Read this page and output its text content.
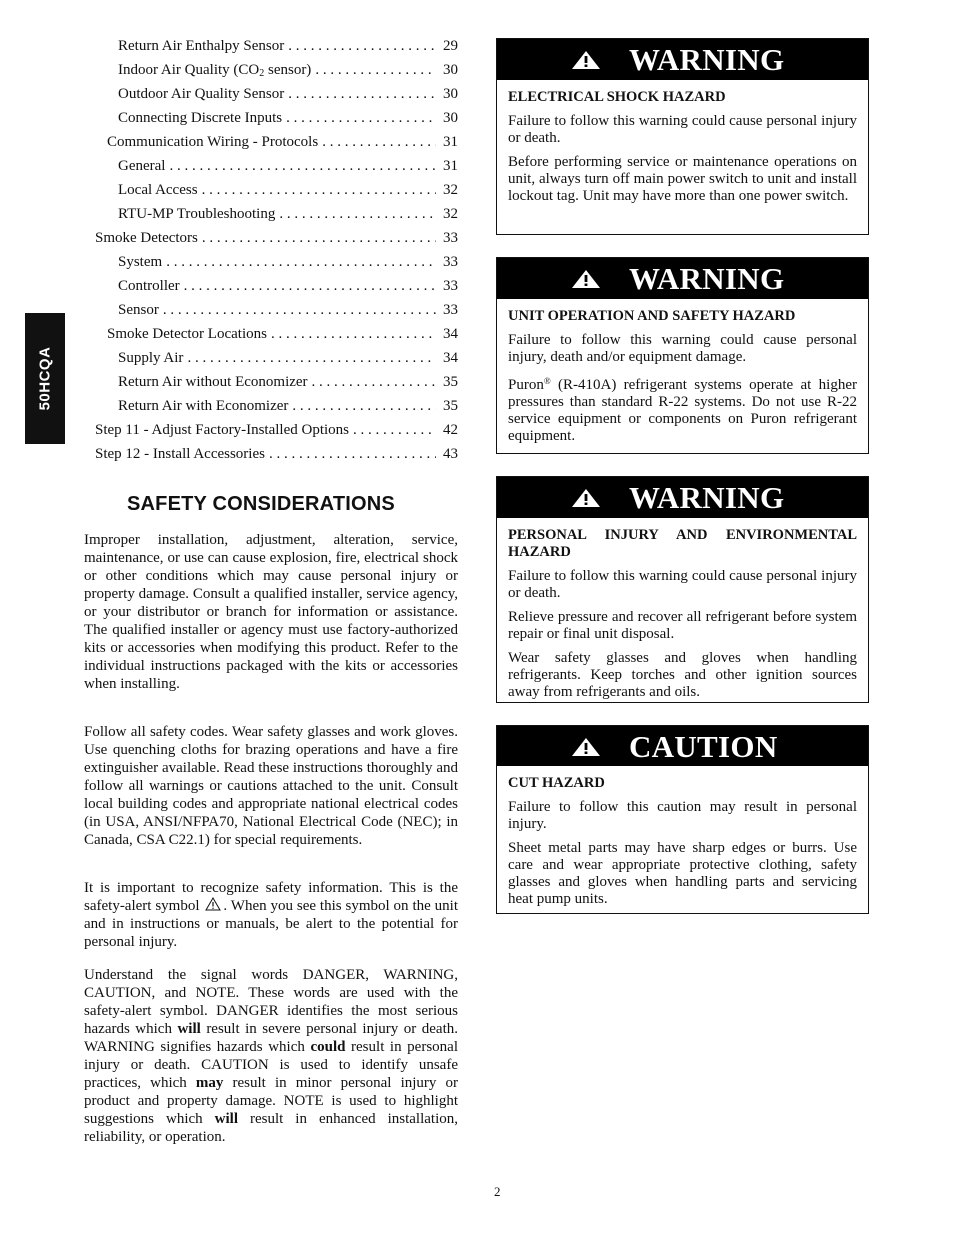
50HCQA
Return Air Enthalpy Sensor . . .	29
Indoor Air Quality ($CO_2$ sensor) . . .	30
Outdoor Air Quality Sensor . . .	30
Connecting Discrete Inputs . . .	30
Communication Wiring - Protocols . . .	31
General . . .	31
Local Access . . .	32
RTU-MP Troubleshooting . . .	32
Smoke Detectors . . .	33
System . . .	33
Controller . . .	33
Sensor . . .	33
Smoke Detector Locations . . .	34
Supply Air . . .	34
Return Air without Economizer . . .	35
Return Air with Economizer . . .	35
Step 11 - Adjust Factory-Installed Options . . .	42
Step 12 - Install Accessories . . .	43
SAFETY CONSIDERATIONS

Improper installation, adjustment, alteration, service, maintenance, or use can cause explosion, fire, electrical shock or other conditions which may cause personal injury or property damage. Consult a qualified installer, service agency, or your distributor or branch for information or assistance. The qualified installer or agency must use factory-authorized kits or accessories when modifying this product. Refer to the individual instructions packaged with the kits or accessories when installing.

Follow all safety codes. Wear safety glasses and work gloves. Use quenching cloths for brazing operations and have a fire extinguisher available. Read these instructions thoroughly and follow all warnings or cautions attached to the unit. Consult local building codes and appropriate national electrical codes (in USA, ANSI/NFPA70, National Electrical Code (NEC); in Canada, CSA C22.1) for special requirements.

It is important to recognize safety information. This is the safety-alert symbol . When you see this symbol on the unit and in instructions or manuals, be alert to the potential for personal injury.

Understand the signal words DANGER, WARNING, CAUTION, and NOTE. These words are used with the safety-alert symbol. DANGER identifies the most serious hazards which will result in severe personal injury or death. WARNING signifies hazards which could result in personal injury or death. CAUTION is used to identify unsafe practices, which may result in minor personal injury or product and property damage. NOTE is used to highlight suggestions which will result in enhanced installation, reliability, or operation.

WARNING
ELECTRICAL SHOCK HAZARD

Failure to follow this warning could cause personal injury or death.

Before performing service or maintenance operations on unit, always turn off main power switch to unit and install lockout tag. Unit may have more than one power switch.

WARNING
UNIT OPERATION AND SAFETY HAZARD

Failure to follow this warning could cause personal injury, death and/or equipment damage.

Puron® (R-410A) refrigerant systems operate at higher pressures than standard R-22 systems. Do not use R-22 service equipment or components on Puron refrigerant equipment.

WARNING
PERSONAL INJURY AND ENVIRONMENTAL HAZARD

Failure to follow this warning could cause personal injury or death.

Relieve pressure and recover all refrigerant before system repair or final unit disposal.

Wear safety glasses and gloves when handling refrigerants. Keep torches and other ignition sources away from refrigerants and oils.

CAUTION
CUT HAZARD

Failure to follow this caution may result in personal injury.

Sheet metal parts may have sharp edges or burrs. Use care and wear appropriate protective clothing, safety glasses and gloves when handling parts and servicing heat pump units.

2
